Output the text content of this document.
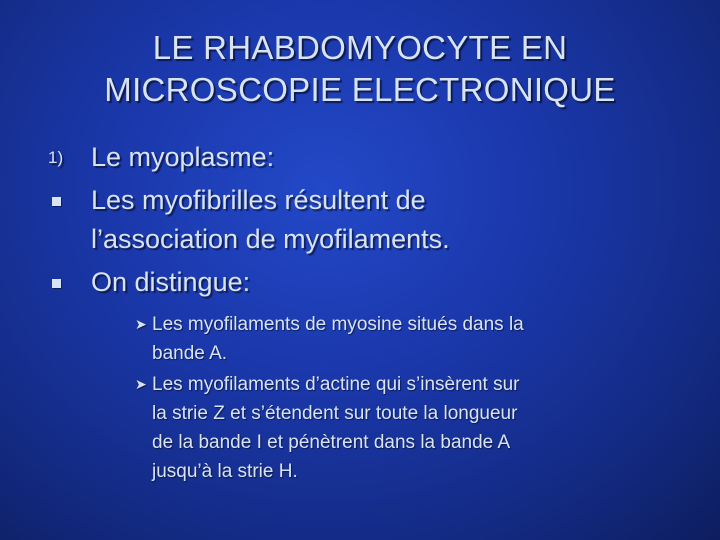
LE RHABDOMYOCYTE EN
MICROSCOPIE ELECTRONIQUE
1) Le myoplasme:
Les myofibrilles résultent de
l’association de myofilaments.
On distingue:
➤ Les myofilaments de myosine situés dans la
bande A.
➤ Les myofilaments d’actine qui s’insèrent sur
la strie Z et s’étendent sur toute la longueur
de la bande I et pénètrent dans la bande A
jusqu’à la strie H.
